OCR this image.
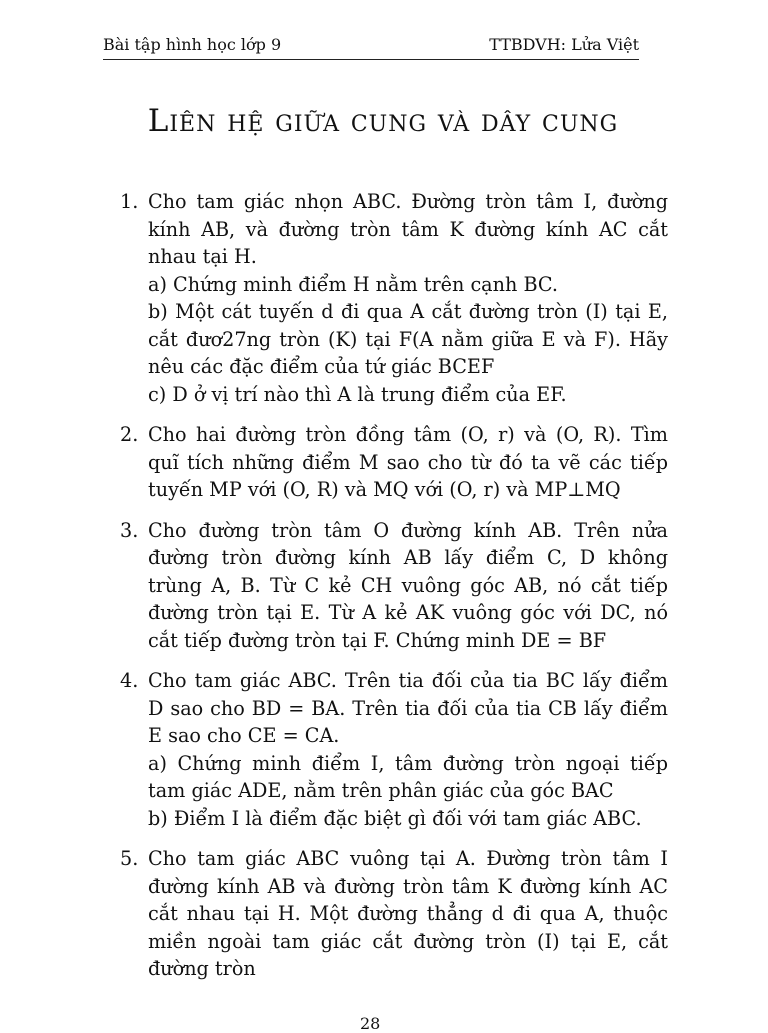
Bài tập hình học lớp 9	TTBDVH: Lửa Việt
Liên hệ giữa cung và dây cung
1. Cho tam giác nhọn ABC. Đường tròn tâm I, đường kính AB, và đường tròn tâm K đường kính AC cắt nhau tại H.
a) Chứng minh điểm H nằm trên cạnh BC.
b) Một cát tuyến d đi qua A cắt đường tròn (I) tại E, cắt đươ27ng tròn (K) tại F(A nằm giữa E và F). Hãy nêu các đặc điểm của tứ giác BCEF
c) D ở vị trí nào thì A là trung điểm của EF.
2. Cho hai đường tròn đồng tâm (O, r) và (O, R). Tìm quĩ tích những điểm M sao cho từ đó ta vẽ các tiếp tuyến MP với (O, R) và MQ với (O, r) và MP⊥MQ
3. Cho đường tròn tâm O đường kính AB. Trên nửa đường tròn đường kính AB lấy điểm C, D không trùng A, B. Từ C kẻ CH vuông góc AB, nó cắt tiếp đường tròn tại E. Từ A kẻ AK vuông góc với DC, nó cắt tiếp đường tròn tại F. Chứng minh DE = BF
4. Cho tam giác ABC. Trên tia đối của tia BC lấy điểm D sao cho BD = BA. Trên tia đối của tia CB lấy điểm E sao cho CE = CA.
a) Chứng minh điểm I, tâm đường tròn ngoại tiếp tam giác ADE, nằm trên phân giác của góc BAC
b) Điểm I là điểm đặc biệt gì đối với tam giác ABC.
5. Cho tam giác ABC vuông tại A. Đường tròn tâm I đường kính AB và đường tròn tâm K đường kính AC cắt nhau tại H. Một đường thẳng d đi qua A, thuộc miền ngoài tam giác cắt đường tròn (I) tại E, cắt đường tròn
28
